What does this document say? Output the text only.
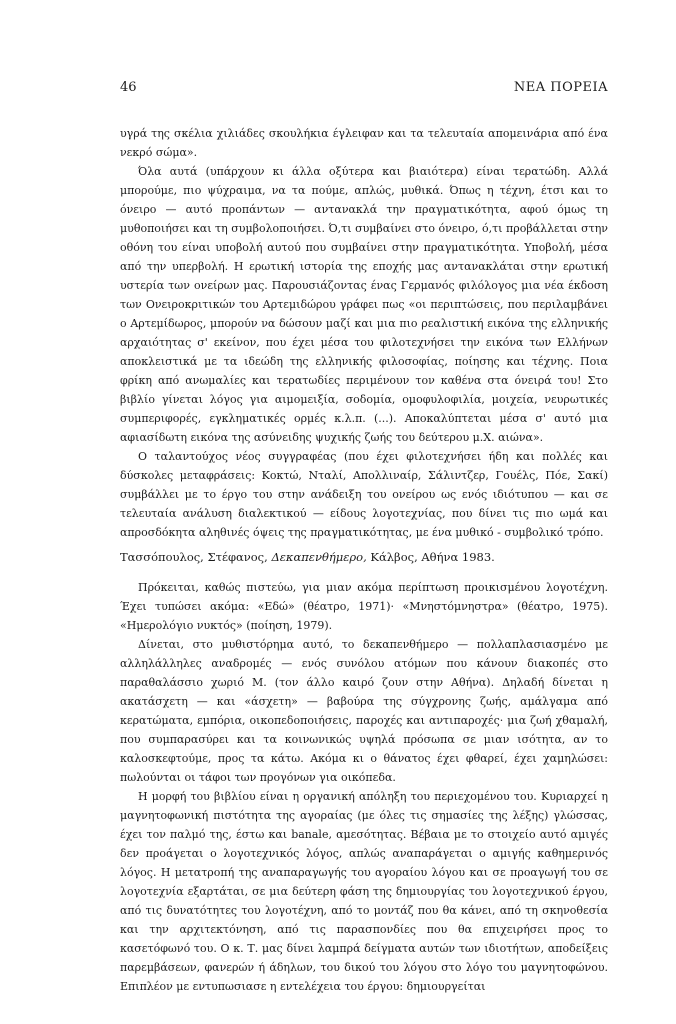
46	ΝΕΑ ΠΟΡΕΙΑ

υγρά της σκέλια χιλιάδες σκουλήκια έγλειφαν και τα τελευταία απομεινάρια από ένα νεκρό σώμα».

Όλα αυτά (υπάρχουν κι άλλα οξύτερα και βιαιότερα) είναι τερατώδη. Αλλά μπορούμε, πιο ψύχραιμα, να τα πούμε, απλώς, μυθικά. Όπως η τέχνη, έτσι και το όνειρο — αυτό προπάντων — αντανακλά την πραγματικότητα, αφού όμως τη μυθοποιήσει και τη συμβολοποιήσει. Ό,τι συμβαίνει στο όνειρο, ό,τι προβάλλεται στην οθόνη του είναι υποβολή αυτού που συμβαίνει στην πραγματικότητα. Υποβολή, μέσα από την υπερβολή. Η ερωτική ιστορία της εποχής μας αντανακλάται στην ερωτική υστερία των ονείρων μας. Παρουσιάζοντας ένας Γερμανός φιλόλογος μια νέα έκδοση των Ονειροκριτικών του Αρτεμιδώρου γράφει πως «οι περιπτώσεις, που περιλαμβάνει ο Αρτεμίδωρος, μπορούν να δώσουν μαζί και μια πιο ρεαλιστική εικόνα της ελληνικής αρχαιότητας σ' εκείνον, που έχει μέσα του φιλοτεχνήσει την εικόνα των Ελλήνων αποκλειστικά με τα ιδεώδη της ελληνικής φιλοσοφίας, ποίησης και τέχνης. Ποια φρίκη από ανωμαλίες και τερατωδίες περιμένουν τον καθένα στα όνειρά του! Στο βιβλίο γίνεται λόγος για αιμομειξία, σοδομία, ομοφυλοφιλία, μοιχεία, νευρωτικές συμπεριφορές, εγκληματικές ορμές κ.λ.π. (...). Αποκαλύπτεται μέσα σ' αυτό μια αφιασίδωτη εικόνα της ασύνειδης ψυχικής ζωής του δεύτερου μ.Χ. αιώνα».

Ο ταλαντούχος νέος συγγραφέας (που έχει φιλοτεχνήσει ήδη και πολλές και δύσκολες μεταφράσεις: Κοκτώ, Νταλί, Απολλιναίρ, Σάλιντζερ, Γουέλς, Πόε, Σακί) συμβάλλει με το έργο του στην ανάδειξη του ονείρου ως ενός ιδιότυπου — και σε τελευταία ανάλυση διαλεκτικού — είδους λογοτεχνίας, που δίνει τις πιο ωμά και απροσδόκητα αληθινές όψεις της πραγματικότητας, με ένα μυθικό - συμβολικό τρόπο.

Τασσόπουλος, Στέφανος, Δεκαπενθήμερο, Κάλβος, Αθήνα 1983.

Πρόκειται, καθώς πιστεύω, για μιαν ακόμα περίπτωση προικισμένου λογοτέχνη. Έχει τυπώσει ακόμα: «Εδώ» (θέατρο, 1971)· «Μνηστόμνηστρα» (θέατρο, 1975). «Ημερολόγιο νυκτός» (ποίηση, 1979).

Δίνεται, στο μυθιστόρημα αυτό, το δεκαπενθήμερο — πολλαπλασιασμένο με αλληλάλληλες αναδρομές — ενός συνόλου ατόμων που κάνουν διακοπές στο παραθαλάσσιο χωριό Μ. (τον άλλο καιρό ζουν στην Αθήνα). Δηλαδή δίνεται η ακατάσχετη — και «άσχετη» — βαβούρα της σύγχρονης ζωής, αμάλγαμα από κερατώματα, εμπόρια, οικοπεδοποιήσεις, παροχές και αντιπαροχές· μια ζωή χθαμαλή, που συμπαρασύρει και τα κοινωνικώς υψηλά πρόσωπα σε μιαν ισότητα, αν το καλοσκεφτούμε, προς τα κάτω. Ακόμα κι ο θάνατος έχει φθαρεί, έχει χαμηλώσει: πωλούνται οι τάφοι των προγόνων για οικόπεδα.

Η μορφή του βιβλίου είναι η οργανική απόληξη του περιεχομένου του. Κυριαρχεί η μαγνητοφωνική πιστότητα της αγοραίας (με όλες τις σημασίες της λέξης) γλώσσας, έχει τον παλμό της, έστω και banale, αμεσότητας. Βέβαια με το στοιχείο αυτό αμιγές δεν προάγεται ο λογοτεχνικός λόγος, απλώς αναπαράγεται ο αμιγής καθημερινός λόγος. Η μετατροπή της αναπαραγωγής του αγοραίου λόγου και σε προαγωγή του σε λογοτεχνία εξαρτάται, σε μια δεύτερη φάση της δημιουργίας του λογοτεχνικού έργου, από τις δυνατότητες του λογοτέχνη, από το μοντάζ που θα κάνει, από τη σκηνοθεσία και την αρχιτεκτόνηση, από τις παρασπονδίες που θα επιχειρήσει προς το κασετόφωνό του. Ο κ. Τ. μας δίνει λαμπρά δείγματα αυτών των ιδιοτήτων, αποδείξεις παρεμβάσεων, φανερών ή άδηλων, του δικού του λόγου στο λόγο του μαγνητοφώνου. Επιπλέον με εντυπωσιασε η εντελέχεια του έργου: δημιουργείται
